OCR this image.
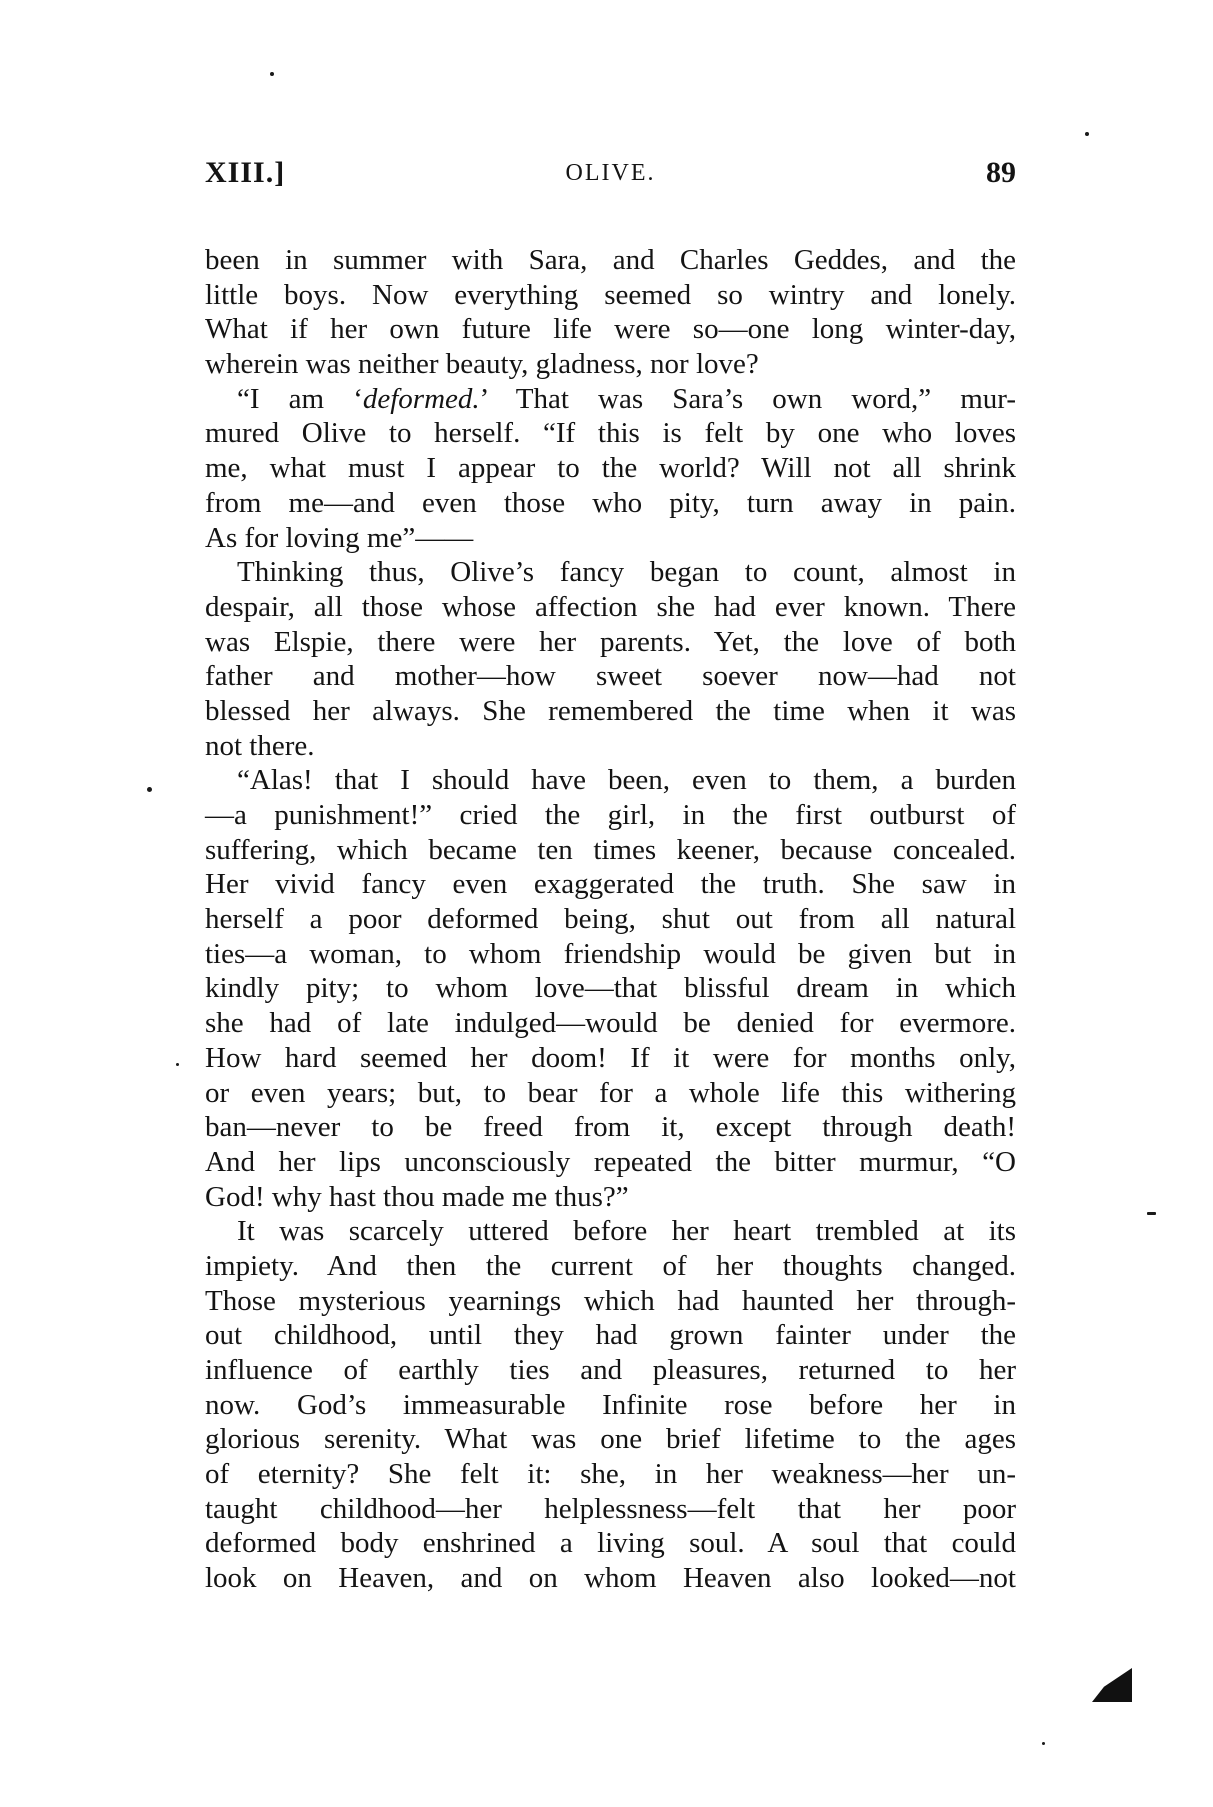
XIII.]	OLIVE.	89
been in summer with Sara, and Charles Geddes, and the
little boys. Now everything seemed so wintry and lonely.
What if her own future life were so—one long winter-day,
wherein was neither beauty, gladness, nor love?
“I am ‘deformed.’ That was Sara’s own word,” mur-
mured Olive to herself. “If this is felt by one who loves
me, what must I appear to the world? Will not all shrink
from me—and even those who pity, turn away in pain.
As for loving me”——
Thinking thus, Olive’s fancy began to count, almost in
despair, all those whose affection she had ever known. There
was Elspie, there were her parents. Yet, the love of both
father and mother—how sweet soever now—had not
blessed her always. She remembered the time when it was
not there.
“Alas! that I should have been, even to them, a burden
—a punishment!” cried the girl, in the first outburst of
suffering, which became ten times keener, because concealed.
Her vivid fancy even exaggerated the truth. She saw in
herself a poor deformed being, shut out from all natural
ties—a woman, to whom friendship would be given but in
kindly pity; to whom love—that blissful dream in which
she had of late indulged—would be denied for evermore.
How hard seemed her doom! If it were for months only,
or even years; but, to bear for a whole life this withering
ban—never to be freed from it, except through death!
And her lips unconsciously repeated the bitter murmur, “O
God! why hast thou made me thus?”
It was scarcely uttered before her heart trembled at its
impiety. And then the current of her thoughts changed.
Those mysterious yearnings which had haunted her through-
out childhood, until they had grown fainter under the
influence of earthly ties and pleasures, returned to her
now. God’s immeasurable Infinite rose before her in
glorious serenity. What was one brief lifetime to the ages
of eternity? She felt it: she, in her weakness—her un-
taught childhood—her helplessness—felt that her poor
deformed body enshrined a living soul. A soul that could
look on Heaven, and on whom Heaven also looked—not
